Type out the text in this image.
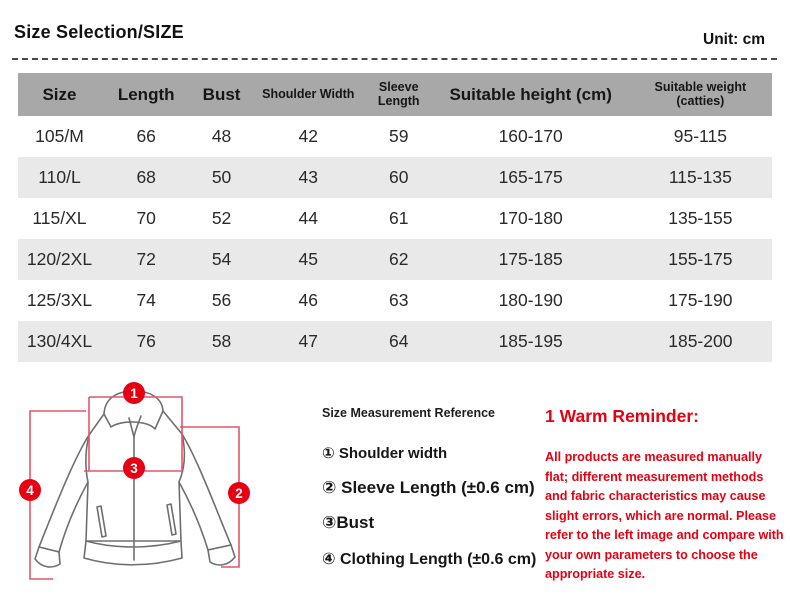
Size Selection/SIZE	Unit: cm
Size	Length	Bust	Shoulder Width	Sleeve Length	Suitable height (cm)	Suitable weight (catties)
105/M	66	48	42	59	160-170	95-115
110/L	68	50	43	60	165-175	115-135
115/XL	70	52	44	61	170-180	135-155
120/2XL	72	54	45	62	175-185	155-175
125/3XL	74	56	46	63	180-190	175-190
130/4XL	76	58	47	64	185-195	185-200
1
3
2
4
Size Measurement Reference
① Shoulder width
② Sleeve Length (±0.6 cm)
③Bust
④ Clothing Length (±0.6 cm)
1 Warm Reminder:
All products are measured manually flat; different measurement methods and fabric characteristics may cause slight errors, which are normal. Please refer to the left image and compare with your own parameters to choose the appropriate size.
